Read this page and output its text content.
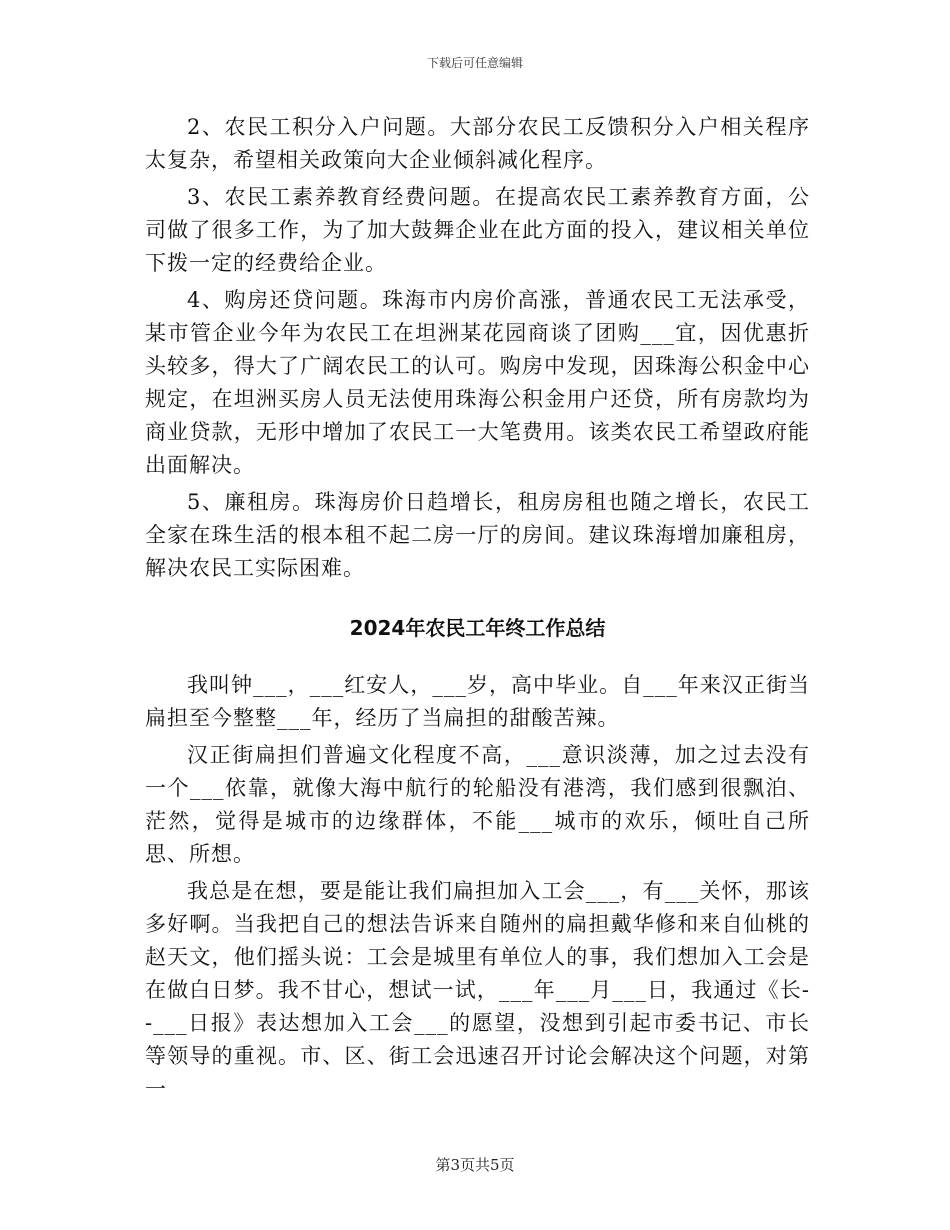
下载后可任意编辑

2、农民工积分入户问题。大部分农民工反馈积分入户相关程序太复杂，希望相关政策向大企业倾斜减化程序。

3、农民工素养教育经费问题。在提高农民工素养教育方面，公司做了很多工作，为了加大鼓舞企业在此方面的投入，建议相关单位下拨一定的经费给企业。

4、购房还贷问题。珠海市内房价高涨，普通农民工无法承受，某市管企业今年为农民工在坦洲某花园商谈了团购___宜，因优惠折头较多，得大了广阔农民工的认可。购房中发现，因珠海公积金中心规定，在坦洲买房人员无法使用珠海公积金用户还贷，所有房款均为商业贷款，无形中增加了农民工一大笔费用。该类农民工希望政府能出面解决。

5、廉租房。珠海房价日趋增长，租房房租也随之增长，农民工全家在珠生活的根本租不起二房一厅的房间。建议珠海增加廉租房，解决农民工实际困难。

2024年农民工年终工作总结

我叫钟___，___红安人，___岁，高中毕业。自___年来汉正街当扁担至今整整___年，经历了当扁担的甜酸苦辣。

汉正街扁担们普遍文化程度不高，___意识淡薄，加之过去没有一个___依靠，就像大海中航行的轮船没有港湾，我们感到很飘泊、茫然，觉得是城市的边缘群体，不能___城市的欢乐，倾吐自己所思、所想。

我总是在想，要是能让我们扁担加入工会___，有___关怀，那该多好啊。当我把自己的想法告诉来自随州的扁担戴华修和来自仙桃的赵天文，他们摇头说：工会是城里有单位人的事，我们想加入工会是在做白日梦。我不甘心，想试一试，___年___月___日，我通过《长--___日报》表达想加入工会___的愿望，没想到引起市委书记、市长等领导的重视。市、区、街工会迅速召开讨论会解决这个问题，对第一

第3页共5页
